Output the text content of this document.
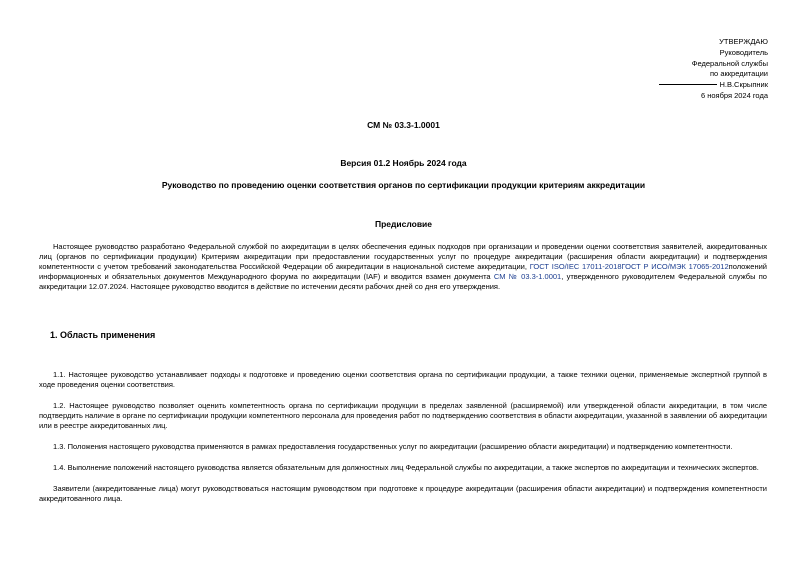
УТВЕРЖДАЮ
Руководитель
Федеральной службы
по аккредитации
Н.В.Скрыпник
6 ноября 2024 года
СМ № 03.3-1.0001
Версия 01.2 Ноябрь 2024 года
Руководство по проведению оценки соответствия органов по сертификации продукции критериям аккредитации
Предисловие
Настоящее руководство разработано Федеральной службой по аккредитации в целях обеспечения единых подходов при организации и проведении оценки соответствия заявителей, аккредитованных лиц (органов по сертификации продукции) Критериям аккредитации при предоставлении государственных услуг по процедуре аккредитации (расширения области аккредитации) и подтверждения компетентности с учетом требований законодательства Российской Федерации об аккредитации в национальной системе аккредитации, ГОСТ ISO/IEC 17011-2018ГОСТ Р ИСО/МЭК 17065-2012положений информационных и обязательных документов Международного форума по аккредитации (IAF) и вводится взамен документа СМ № 03.3-1.0001, утвержденного руководителем Федеральной службы по аккредитации 12.07.2024. Настоящее руководство вводится в действие по истечении десяти рабочих дней со дня его утверждения.
1. Область применения
1.1. Настоящее руководство устанавливает подходы к подготовке и проведению оценки соответствия органа по сертификации продукции, а также техники оценки, применяемые экспертной группой в ходе проведения оценки соответствия.
1.2. Настоящее руководство позволяет оценить компетентность органа по сертификации продукции в пределах заявленной (расширяемой) или утвержденной области аккредитации, в том числе подтвердить наличие в органе по сертификации продукции компетентного персонала для проведения работ по подтверждению соответствия в области аккредитации, указанной в заявлении об аккредитации или в реестре аккредитованных лиц.
1.3. Положения настоящего руководства применяются в рамках предоставления государственных услуг по аккредитации (расширению области аккредитации) и подтверждению компетентности.
1.4. Выполнение положений настоящего руководства является обязательным для должностных лиц Федеральной службы по аккредитации, а также экспертов по аккредитации и технических экспертов.
Заявители (аккредитованные лица) могут руководствоваться настоящим руководством при подготовке к процедуре аккредитации (расширения области аккредитации) и подтверждения компетентности аккредитованного лица.
